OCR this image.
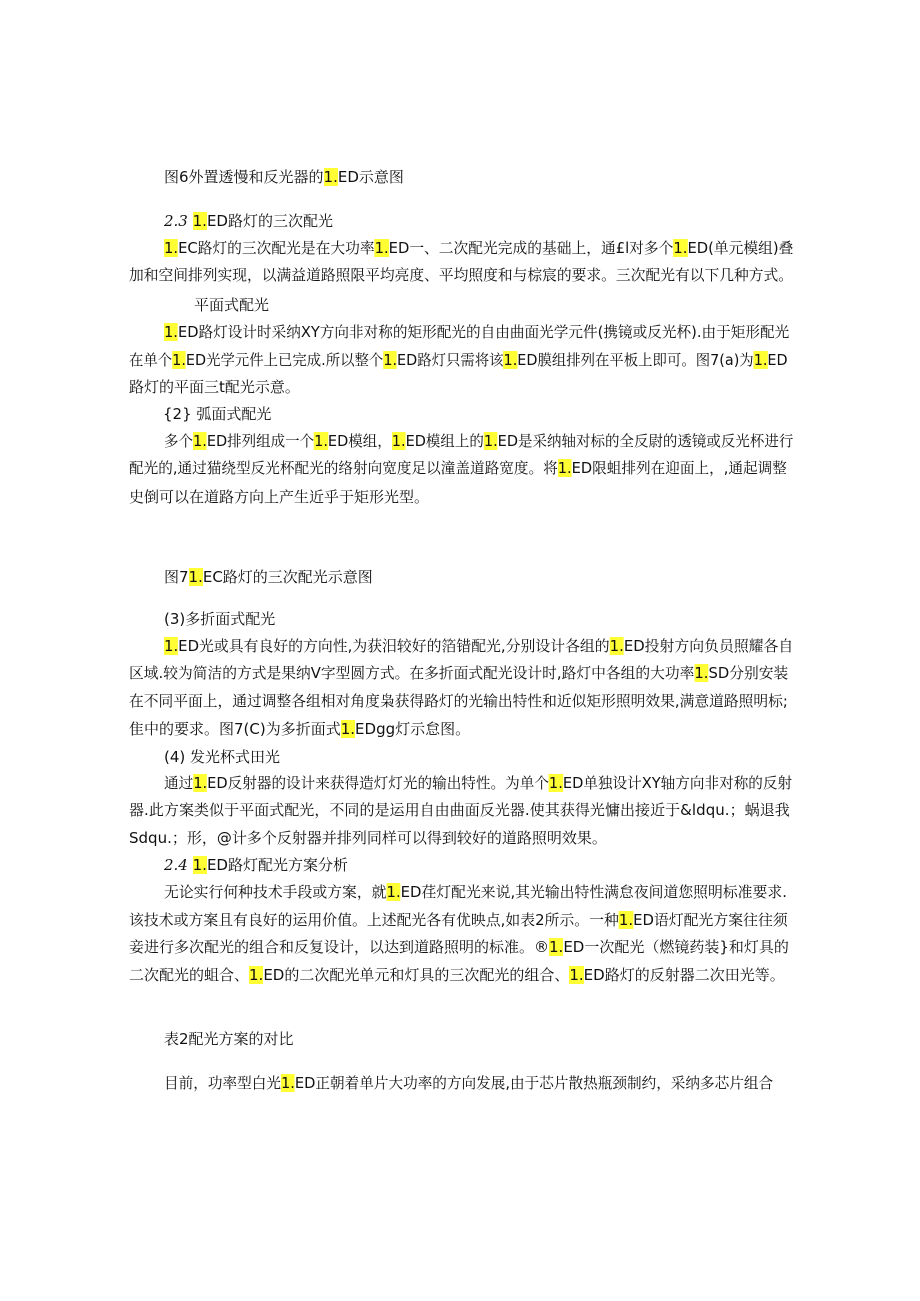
图6外置透慢和反光器的1.ED示意图
2.3 1.ED路灯的三次配光
1.EC路灯的三次配光是在大功率1.ED一、二次配光完成的基础上，通£l对多个1.ED(单元模组)叠
加和空间排列实现，以满益道路照限平均亮度、平均照度和与棕宸的要求。三次配光有以下几种方式。
平面式配光
1.ED路灯设计时采纳XY方向非对称的矩形配光的自由曲面光学元件(携镜或反光杯).由于矩形配光
在单个1.ED光学元件上已完成.所以整个1.ED路灯只需将该1.ED膜组排列在平板上即可。图7(a)为1.ED
路灯的平面三t配光示意。
{2} 弧面式配光
多个1.ED排列组成一个1.ED模组，1.ED模组上的1.ED是采纳轴对标的全反尉的透镜或反光杯进行
配光的,通过猫绕型反光杯配光的络射向宽度足以潼盖道路宽度。将1.ED限蛆排列在迎面上，,通起调整
史倒可以在道路方向上产生近乎于矩形光型。
图71.EC路灯的三次配光示意图
(3)多折面式配光
1.ED光或具有良好的方向性,为获汨较好的箔错配光,分别设计各组的1.ED投射方向负员照耀各自
区域.较为简洁的方式是果纳V字型圆方式。在多折面式配光设计时,路灯中各组的大功率1.SD分别安装
在不同平面上，通过调整各组相对角度枭获得路灯的光输出特性和近似矩形照明效果,满意道路照明标;
隹中的要求。图7(C)为多折面式1.EDgg灯示怠图。
(4) 发光杯式田光
通过1.ED反射器的设计来获得造灯灯光的输出特性。为单个1.ED单独设计XY轴方向非对称的反射
器.此方案类似于平面式配光，不同的是运用自由曲面反光器.使其获得光慵出接近于&ldqu.；蜗退我
Sdqu.；形，@计多个反射器并排列同样可以得到较好的道路照明效果。
2.4 1.ED路灯配光方案分析
无论实行何种技术手段或方案，就1.ED荏灯配光来说,其光输出特性满怠夜间道您照明标准要求.
该技术或方案且有良好的运用价值。上述配光各有优映点,如表2所示。一种1.ED语灯配光方案往往须
妾进行多次配光的组合和反复设计，以达到道路照明的标准。®1.ED一次配光（燃镜药装}和灯具的
二次配光的蛆合、1.ED的二次配光单元和灯具的三次配光的组合、1.ED路灯的反射器二次田光等。
表2配光方案的对比
目前，功率型白光1.ED正朝着单片大功率的方向发展,由于芯片散热瓶颈制约，采纳多芯片组合
